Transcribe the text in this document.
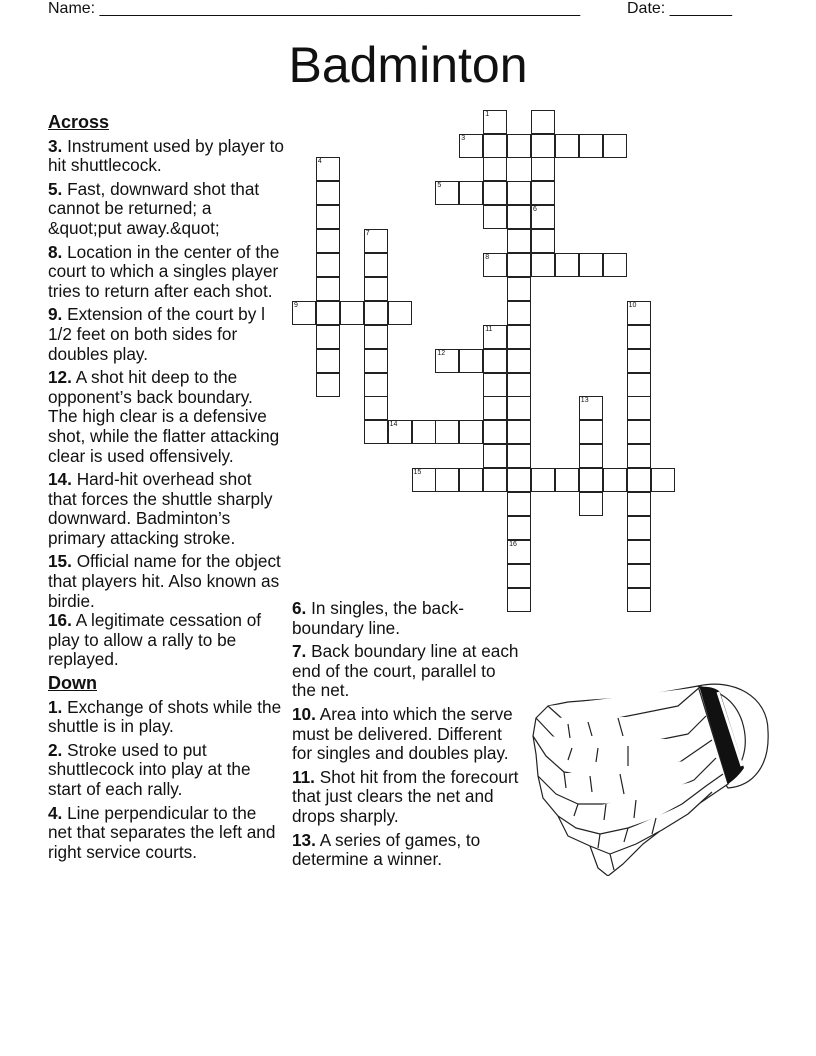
Name: ______________________________________________________	Date: _______
Badminton

Across

3. Instrument used by player to hit shuttlecock.

5. Fast, downward shot that cannot be returned; a &quot;put away.&quot;

8. Location in the center of the court to which a singles player tries to return after each shot.

9. Extension of the court by l 1/2 feet on both sides for doubles play.

12. A shot hit deep to the opponent’s back boundary. The high clear is a defensive shot, while the flatter attacking clear is used offensively.

14. Hard-hit overhead shot that forces the shuttle sharply downward. Badminton’s primary attacking stroke.

15. Official name for the object that players hit. Also known as birdie.

16. A legitimate cessation of play to allow a rally to be replayed.

Down

1. Exchange of shots while the shuttle is in play.

2. Stroke used to put shuttlecock into play at the start of each rally.

4. Line perpendicular to the net that separates the left and right service courts.

6. In singles, the back-boundary line.

7. Back boundary line at each end of the court, parallel to the net.

10. Area into which the serve must be delivered. Different for singles and doubles play.

11. Shot hit from the forecourt that just clears the net and drops sharply.

13. A series of games, to determine a winner.

1
3
4
5
6
7
8
9	10
11
12
13
14
15
16
